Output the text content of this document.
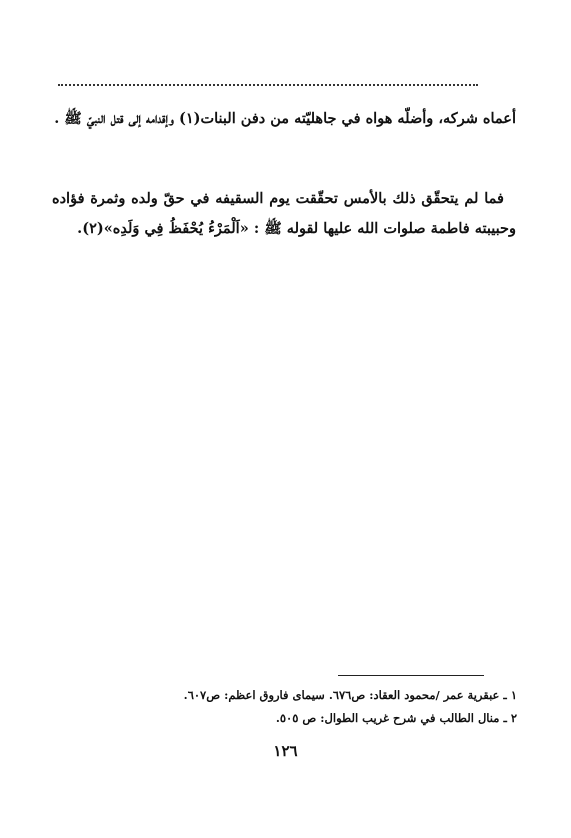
أعماه شركه، وأضلّه هواه في جاهليّته من دفن البنات(١) وإقدامه إلى قتل النبيّ ﷺ .

فما لم يتحقّق ذلك بالأمس تحقّقت يوم السقيفه في حقّ ولده وثمرة فؤاده وحبيبته فاطمة صلوات الله عليها لقوله ﷺ : «اَلْمَرْءُ يُحْفَظُ فِي وَلَدِه»(٢).

١ ـ عبقرية عمر /محمود العقاد: ص٦٧٦. سيماى فاروق اعظم: ص٦٠٧.
٢ ـ منال الطالب في شرح غريب الطوال: ص ٥٠٥.
١٢٦
